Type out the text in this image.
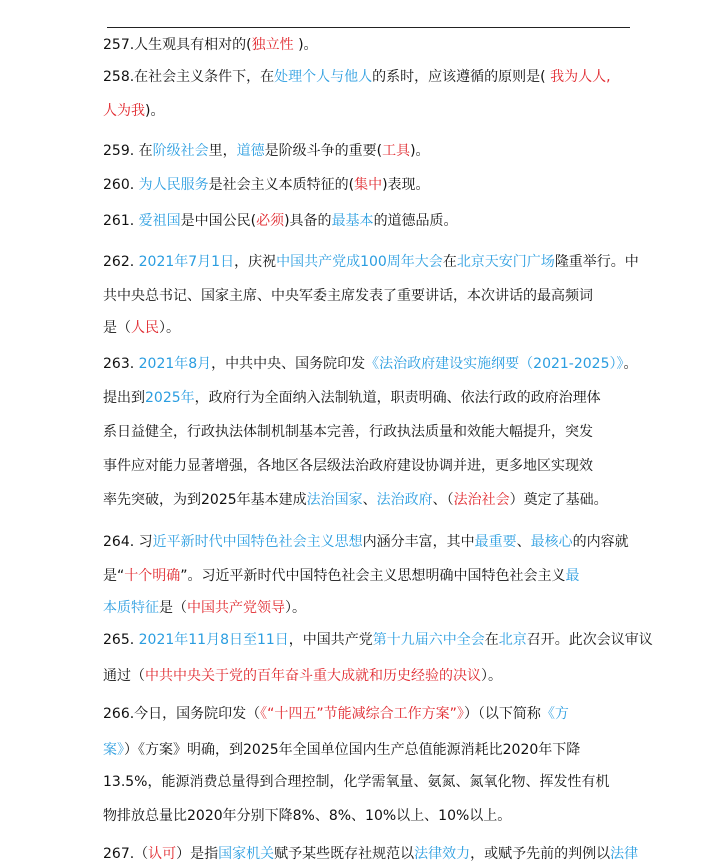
257.人生观具有相对的(独立性 )。
258.在社会主义条件下，在处理个人与他人的系时，应该遵循的原则是( 我为人人,
人为我)。
259. 在阶级社会里，道德是阶级斗争的重要(工具)。
260. 为人民服务是社会主义本质特征的(集中)表现。
261. 爱祖国是中国公民(必须)具备的最基本的道德品质。
262. 2021年7月1日，庆祝中国共产党成100周年大会在北京天安门广场隆重举行。中
共中央总书记、国家主席、中央军委主席发表了重要讲话，本次讲话的最高频词
是（人民）。
263. 2021年8月，中共中央、国务院印发《法治政府建设实施纲要（2021-2025）》。
提出到2025年，政府行为全面纳入法制轨道，职责明确、依法行政的政府治理体
系日益健全，行政执法体制机制基本完善，行政执法质量和效能大幅提升，突发
事件应对能力显著增强，各地区各层级法治政府建设协调并进，更多地区实现效
率先突破，为到2025年基本建成法治国家、法治政府、（法治社会）奠定了基础。
264. 习近平新时代中国特色社会主义思想内涵分丰富，其中最重要、最核心的内容就
是“十个明确”。习近平新时代中国特色社会主义思想明确中国特色社会主义最
本质特征是（中国共产党领导）。
265. 2021年11月8日至11日，中国共产党第十九届六中全会在北京召开。此次会议审议
通过（中共中央关于党的百年奋斗重大成就和历史经验的决议）。
266.今日，国务院印发（《“十四五”节能减综合工作方案”》）（以下简称《方
案》）《方案》明确，到2025年全国单位国内生产总值能源消耗比2020年下降
13.5%，能源消费总量得到合理控制，化学需氧量、氨氮、氮氧化物、挥发性有机
物排放总量比2020年分别下降8%、8%、10%以上、10%以上。
267.（认可）是指国家机关赋予某些既存社规范以法律效力，或赋予先前的判例以法律
